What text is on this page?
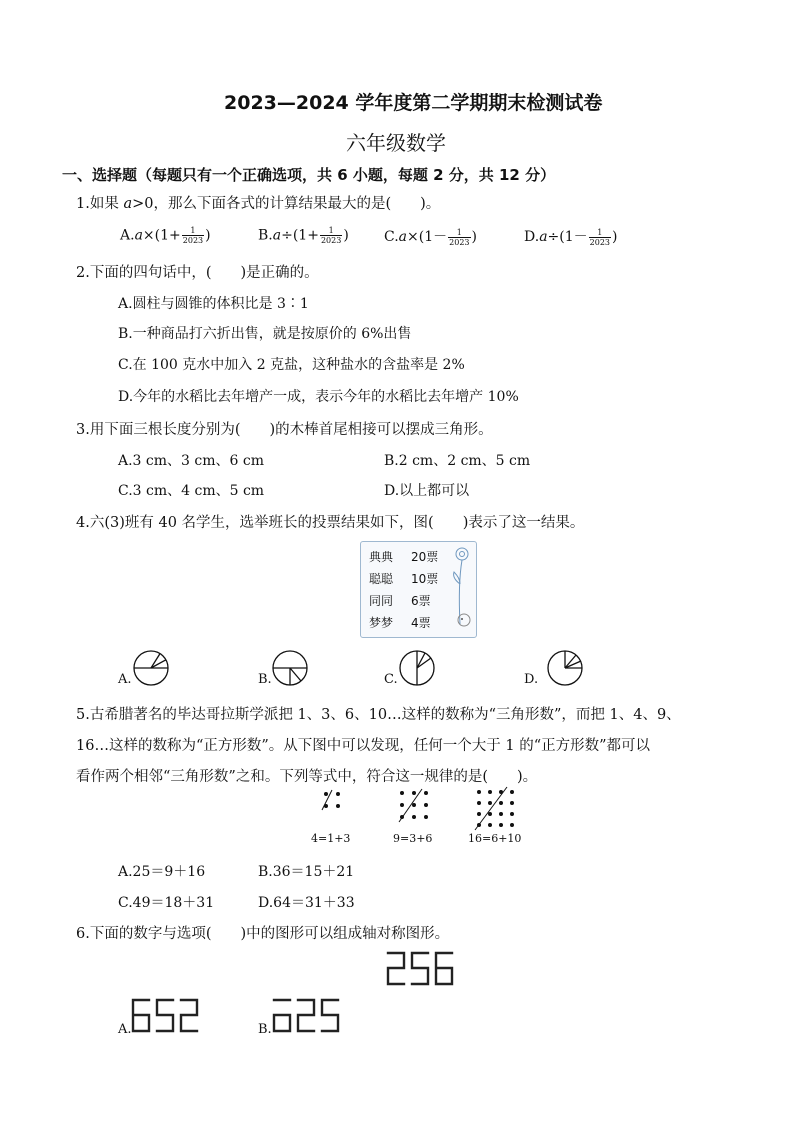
2023—2024 学年度第二学期期末检测试卷
六年级数学
一、选择题（每题只有一个正确选项，共 6 小题，每题 2 分，共 12 分）
1.如果 a>0，那么下面各式的计算结果最大的是(　　)。
$A.a\times(1+ \frac{1}{2023}$ )	$B.a\div(1+ \frac{1}{2023}$ )	$C.a\times(1- \frac{1}{2023}$ )	$D.a\div(1- \frac{1}{2023}$ )
2.下面的四句话中，(　　)是正确的。
A.圆柱与圆锥的体积比是 3∶1
B.一种商品打六折出售，就是按原价的 6%出售
C.在 100 克水中加入 2 克盐，这种盐水的含盐率是 2%
D.今年的水稻比去年增产一成，表示今年的水稻比去年增产 10%
3.用下面三根长度分别为(　　)的木棒首尾相接可以摆成三角形。
A.3 cm、3 cm、6 cm	B.2 cm、2 cm、5 cm
C.3 cm、4 cm、5 cm	D.以上都可以
4.六(3)班有 40 名学生，选举班长的投票结果如下，图(　　)表示了这一结果。
典典 20票
聪聪 10票
同同 6票
梦梦 4票
A.	B.	C.	D.
5.古希腊著名的毕达哥拉斯学派把 1、3、6、10…这样的数称为“三角形数”，而把 1、4、9、
16…这样的数称为“正方形数”。从下图中可以发现，任何一个大于 1 的“正方形数”都可以
看作两个相邻“三角形数”之和。下列等式中，符合这一规律的是(　　)。
4=1+3	9=3+6	16=6+10
A.25＝9＋16	B.36＝15＋21
C.49＝18＋31	D.64＝31＋33
6.下面的数字与选项(　　)中的图形可以组成轴对称图形。
A.	B.
